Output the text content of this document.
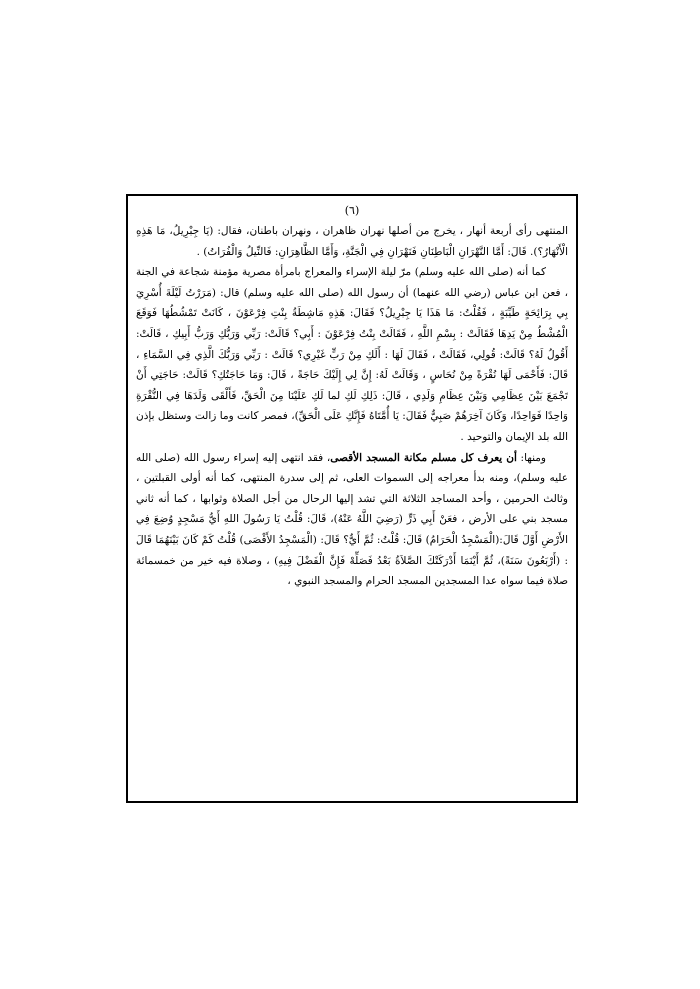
(٦)

المنتهى رأى أربعة أنهار ، يخرج من أصلها نهران ظاهران ، ونهران باطنان، فقال: (يَا جِبْرِيلُ، مَا هَذِهِ الْأَنْهَارُ؟). قَالَ: أَمَّا النَّهْرَانِ الْبَاطِنَانِ فَنَهْرَانِ فِي الْجَنَّةِ، وَأَمَّا الظَّاهِرَانِ: فَالنِّيلُ وَالْفُرَاتُ) .

كما أنه (صلى الله عليه وسلم) مرّ ليلة الإسراء والمعراج بامرأة مصرية مؤمنة شجاعة في الجنة ، فعن ابن عباس (رضي الله عنهما) أن رسول الله (صلى الله عليه وسلم) قال: (مَرَرْتُ لَيْلَةَ أُسْرِيَ بِي بِرَائِحَةٍ طَيِّبَةٍ ، فَقُلْتُ: مَا هَذَا يَا جِبْرِيلُ؟ فَقَالَ: هَذِهِ مَاشِطَةُ بِنْتِ فِرْعَوْنَ ، كَانَتْ تَمْشُطُهَا فَوَقَعَ الْمُشْطُ مِنْ يَدِهَا فَقَالَتْ : بِسْمِ اللَّهِ ، فَقَالَتْ بِنْتُ فِرْعَوْنَ : أَبِي؟ قَالَتْ: رَبِّي وَرَبُّكِ وَرَبُّ أَبِيكِ ، قَالَتْ: أَقُولُ لَهُ؟ قَالَتْ: قُولِي، فَقَالَتْ ، فَقَالَ لَهَا : أَلَكِ مِنْ رَبٍّ غَيْرِي؟ قَالَتْ : رَبِّي وَرَبُّكَ الَّذِي فِي السَّمَاءِ ، قَالَ: فَأَحْمَى لَهَا نُقْرَةً مِنْ نُحَاسٍ ، وَقَالَتْ لَهُ: إِنَّ لِي إِلَيْكَ حَاجَةً ، قَالَ: وَمَا حَاجَتُكِ؟ قَالَتْ: حَاجَتِي أَنْ تَجْمَعَ بَيْنَ عِظَامِي وَبَيْنَ عِظَامِ وَلَدِي ، قَالَ: ذَلِكِ لَكِ لما لَكِ عَلَيْنَا مِنَ الْحَقِّ، فَأَلْقَى وَلَدَهَا فِي النُّقْرَةِ وَاحِدًا فَوَاحِدًا، وَكَانَ آخِرَهُمْ صَبِيٌّ فَقَالَ: يَا أُمَّتَاهُ فَإِنَّكِ عَلَى الْحَقِّ)، فمصر كانت وما زالت وستظل بإذن الله بلد الإيمان والتوحيد .

ومنها: أن يعرف كل مسلم مكانة المسجد الأقصى، فقد انتهى إليه إسراء رسول الله (صلى الله عليه وسلم)، ومنه بدأ معراجه إلى السموات العلى، ثم إلى سدرة المنتهى، كما أنه أولى القبلتين ، وثالث الحرمين ، وأحد المساجد الثلاثة التي تشد إليها الرحال من أجل الصلاة وثوابها ، كما أنه ثاني مسجد بني على الأرض ، فعَنْ أَبِي ذَرٍّ (رَضِيَ اللَّهُ عَنْهُ)، قَالَ: قُلْتُ يَا رَسُولَ اللهِ أَيُّ مَسْجِدٍ وُضِعَ فِي الأَرْضِ أَوَّلَ قَالَ:(الْمَسْجِدُ الْحَرَامُ) قَالَ: قُلْتُ: ثُمَّ أَيٌّ؟ قَالَ: (الْمَسْجِدُ الأَقْصَى) قُلْتُ كَمْ كَانَ بَيْنَهُمَا قَالَ : (أَرْبَعُونَ سَنَةً)، ثُمَّ أَيْنَمَا أَدْرَكَتْكَ الصَّلاَةُ بَعْدُ فَصَلِّهْ فَإِنَّ الْفَضْلَ فِيهِ) ، وصلاة فيه خير من خمسمائة صلاة فيما سواه عدا المسجدين المسجد الحرام والمسجد النبوي ،
